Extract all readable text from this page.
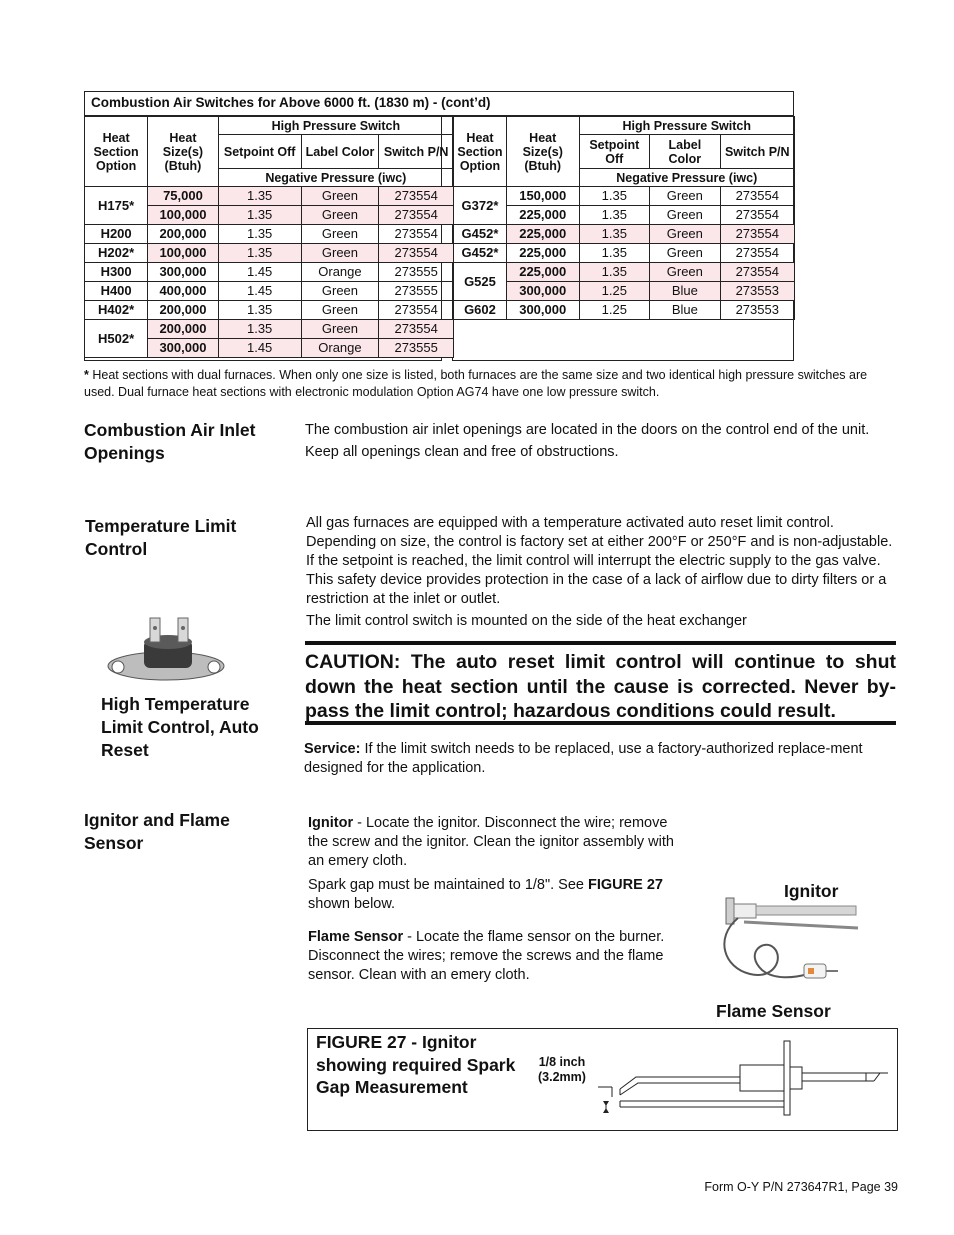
Combustion Air Switches for Above 6000 ft. (1830 m) - (cont’d)
Heat Section Option	Heat Size(s) (Btuh)	High Pressure Switch		
		Setpoint Off	Label Color	Switch P/N
		Negative Pressure (iwc)		
H175*	75,000	1.35	Green	273554
	100,000	1.35	Green	273554
H200	200,000	1.35	Green	273554
H202*	100,000	1.35	Green	273554
H300	300,000	1.45	Orange	273555
H400	400,000	1.45	Green	273555
H402*	200,000	1.35	Green	273554
H502*	200,000	1.35	Green	273554
	300,000	1.45	Orange	273555
Heat Section Option	Heat Size(s) (Btuh)	High Pressure Switch		
		Setpoint Off	Label Color	Switch P/N
		Negative Pressure (iwc)		
G372*	150,000	1.35	Green	273554
	225,000	1.35	Green	273554
G452*	225,000	1.35	Green	273554
G452*	225,000	1.35	Green	273554
G525	225,000	1.35	Green	273554
	300,000	1.25	Blue	273553
G602	300,000	1.25	Blue	273553
* Heat sections with dual furnaces. When only one size is listed, both furnaces are the same size and two identical high pressure switches are used. Dual furnace heat sections with electronic modulation Option AG74 have one low pressure switch.
Combustion Air Inlet Openings

The combustion air inlet openings are located in the doors on the control end of the unit.

Keep all openings clean and free of obstructions.

Temperature Limit Control

All gas furnaces are equipped with a temperature activated auto reset limit control. Depending on size, the control is factory set at either 200°F or 250°F and is non-adjustable. If the setpoint is reached, the limit control will interrupt the electric supply to the gas valve. This safety device provides protection in the case of a lack of airflow due to dirty filters or a restriction at the inlet or outlet.

The limit control switch is mounted on the side of the heat exchanger

High Temperature Limit Control, Auto Reset
CAUTION: The auto reset limit control will continue to shut down the heat section until the cause is corrected. Never by-pass the limit control; hazardous conditions could result.

Service: If the limit switch needs to be replaced, use a factory-authorized replace-ment designed for the application.

Ignitor and Flame Sensor

Ignitor - Locate the ignitor. Disconnect the wire; remove the screw and the ignitor. Clean the ignitor assembly with an emery cloth.

Spark gap must be maintained to 1/8". See FIGURE 27 shown below.

Flame Sensor - Locate the flame sensor on the burner. Disconnect the wires; remove the screws and the flame sensor. Clean with an emery cloth.

Ignitor
Flame Sensor
FIGURE 27 - Ignitor showing required Spark Gap Measurement
1/8 inch
(3.2mm)
Form O-Y P/N 273647R1, Page 39
